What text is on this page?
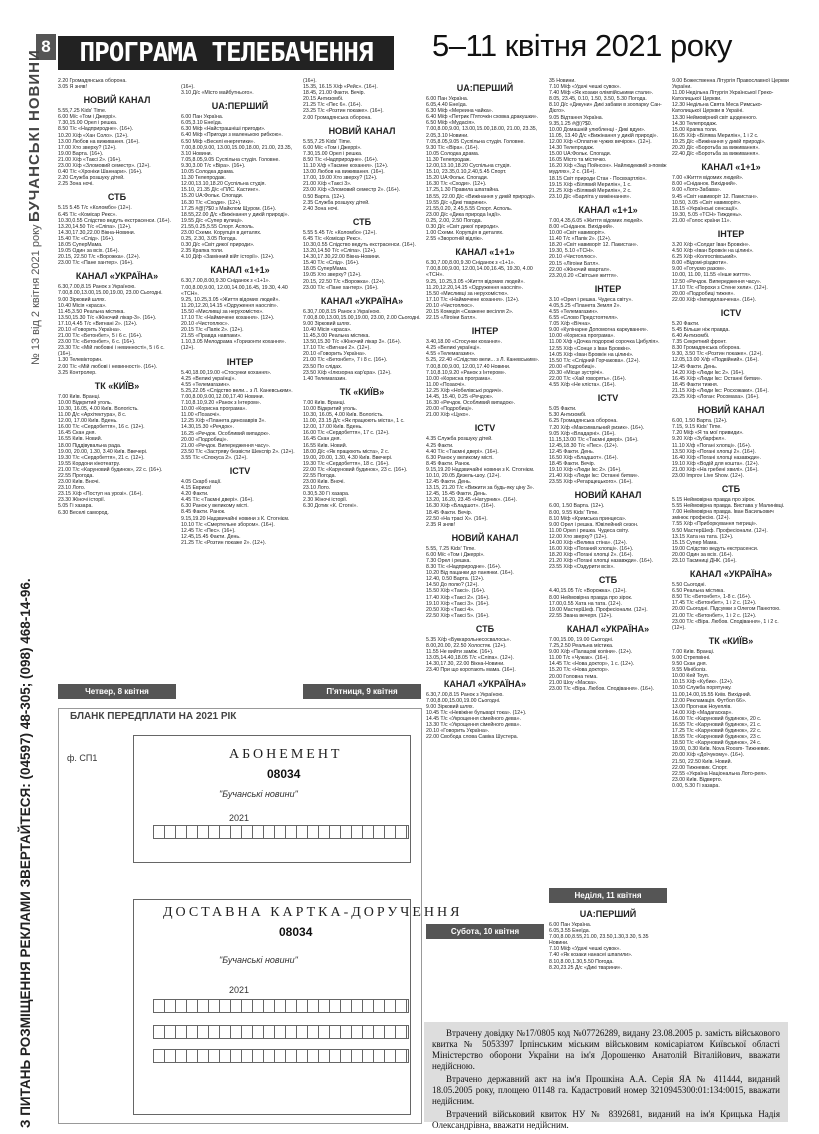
8
БУЧАНСЬКІ НОВИНИ
№ 13 від 2 квітня 2021 року
З ПИТАНЬ РОЗМІЩЕННЯ РЕКЛАМИ ЗВЕРТАЙТЕСЯ: (04597) 48-305; (098) 468-14-96.
ПРОГРАМА ТЕЛЕБАЧЕННЯ	5–11 квітня 2021 року
2.20 Громадянська оборона.
3.05 Я зняв!
НОВИЙ КАНАЛ
5.55,7.25 Kids' Time.
6.00 М/с «Том і Джеррі».
7.30,15.00 Орел і решка.
8.50 Т/с «Надприродне». (16+).
10.20 Х/ф «Хан Соло». (12+).
13.00 Любов на виживання. (16+).
17.00 Хто зверху? (12+).
19.00 Варта. (16+).
21.00 Х/ф «Таксі 2». (16+).
23.00 Х/ф «Зломовий семестр». (12+).
0.40 Т/с «Хроніки Шаннари». (16+).
2.20 Служба розшуку дітей.
2.25 Зона ночі.
СТБ
5.15 5.45 Т/с «Коломбо» (12+).
6.45 Т/с «Комісар Рекс».
10.30,0.55 Слідство ведуть екстрасенси. (16+).
13.20,14.50 Т/с «Сліпа». (12+).
14.30,17.30,22.00 Вікна-Новини.
15.40 Т/с «Слід». (16+).
18.05 СуперМама.
19.05 Один за всіх. (16+).
20.15, 22.50 Т/с «Ворожка». (12+).
23.00 Т/с «Пане хантер». (16+).
КАНАЛ «УКРАЇНА»
6.30,7.00,8.15 Ранок з Україною.
7.00,8.00,13.00,15.00,19.00, 23.00 Сьогодні.
9.00 Зірковий шлях.
10.40 Місія «краса».
11.45,3.50 Реальна містика.
13.50,15.30 Т/с «Жіночий лікар-3». (16+).
17.10,4.45 Т/с «Вигнані 2». (12+).
20.10 «Говорить Україна».
21.00 Т/с «Бетонбет», 5 і 6 с. (16+).
23.00 Т/с «Бетонбет», 6 с. (16+).
23.30 Т/с «Мій любовні і невинності», 5 і 6 с. (16+).
1.30 Телевікторин.
2.00 Т/с «Мій любові і невинності». (16+).
3.25 Контролер.
ТК «КИЇВ»
7.00 Київ. Вранці.
10.00 Відкритий уголь.
10.30, 16.05, 4.00 Київ. Вологість.
11.00 Д/с «Архітектура», 8 с.
12.00, 17.00 Київ. Вдень.
16.00 Т/с «Сердобеття», 16 с. (12+).
16.45 Скан дня.
16.55 Київ. Новий.
18.00 Піддівувальна рада.
19.00, 20.00, 1.30, 3.40 Київ. Ввечері.
19.30 Т/с «Сердобеття», 21 с. (12+).
19.55 Кордони кінотеатру.
21.00 Т/с «Каруновий будинок», 22 с. (16+).
22.55 Прогода.
23.00 Київ. Вночі.
23.10 Лото.
23.15 Х/ф «Поступ на урозі». (16+).
23.30 Жіночі історії.
5.05 Гі хазара.
6.30 Веселі самород.
(16+).
3.10 Д/с «Місто майбутнього».
UA:ПЕРШИЙ
6.00 Пан Україна.
6.05,3.10 Енеїда.
6.30 М/ф «Найстрашніші пригоди».
6.40 М/ф «Пригоди з маленькою рибкою».
6.50 М/ф «Веселі енергетики».
7.00,8.00,9.00, 13.00,15.00,18.00, 21.00, 23.35, 3.10 Новини.
7.05,8.05,9.05 Суспільна студія. Головне.
9.30,3.00 Т/с «Віра». (16+).
10.05 Солодка драма.
11.30 Телепродаж.
12.00,13.10,18.20 Суспільна студія.
15.10, 21.35 Д/с «ПЛС. Кастинг».
15.20 UA:Фольк. Спогади.
16.30 Т/с «Сходи». (12+).
17.25 #@)?$0 з Майклом Щуром. (16+).
18.55,22.00 Д/с «Вижінання у дикій природі».
19.55 Д/с «Супер вулиці».
21.55,0.25,5.55 Спорт. Асполь.
23.00 Схеми. Корупція в деталях.
0.25, 2.30, 3.05 Погода.
0.30 Д/с «Світ дикої природи».
2.35 Крапка толи.
4.10 Д/ф «Замінний війт історії». (12+).
КАНАЛ «1+1»
6.30,7.00,8.00,9.30 Сніданок з «1+1».
7.00,8.00,9.00, 12.00,14.00,16.45, 19.30, 4.40 «ТСН».
9.25, 10.25,3.05 «Життя відомих людей».
11.20,12.20,14.15 «Одруження наосліп».
15.50 «Мисливці за нерухомістю».
17.10 Т/с «Наймичене кохання». (12+).
20.10 «Чистоплюс».
20.15 Т/с «Папік 2». (12+).
21.55 «Правда навпаки».
1.10,3.05 Мелодрама «Горизонти кохання». (12+).
ІНТЕР
5.40,18.00,19.00 «Стосунки кохання».
4.25 «Великі українці».
4.55 «Телемагазин».
5.25,22.05 «Слідство вели... з Л. Каневським».
7.00,8.00,9.00,12.00,17.40 Новини.
7.10,8.10,9.20 «Ранок з Інтером».
10.00 «Корисна програма».
11.00 «Позаочі».
12.25 Х/ф «Планета динозаврів 3».
14.30,15.30 «Речдок».
16.25 «Речдок. Особливий випадок».
20.00 «Подробиці».
21.00 «Речдок. Випередження часу».
23.50 Т/с «Застряву безвісти Шекспір 2». (12+).
3.55 Т/с «Спокуса 2». (12+).
ICTV
4.05 Скарб нації.
4.15 Еврика!
4.20 Факти.
4.45 Т/с «Таємні двері». (16+).
6.30 Ранок у великому місті.
8.45 Факти. Ранок.
9.15,19.20 Надзвичайні новини з К. Стогнієм.
10.10 Т/с «Смертельне збором». (16+).
12.45 Т/с «Пес». (16+).
12.45,15.45 Факти. День.
21.25 Т/с «Розтин покаже 2». (12+).
(16+).
15.35, 16.15 Х/ф «Рейс». (16+).
18.45, 21.00 Факти. Вечір.
20.15 Антизомбі.
21.25 Т/с «Пес 6». (16+).
23.25 Т/с «Розтин покаже». (16+).
2.00 Громадянська оборона.
НОВИЙ КАНАЛ
5.55,7.25 Kids' Time.
6.00 М/с «Том і Джеррі».
7.30,15.00 Орел і решка.
8.50 Т/с «Надприродне». (16+).
11.10 Х/ф «Таємне кохання». (12+).
13.00 Любов на виживання. (16+).
17.00, 19.00 Хто зверху? (12+).
21.00 Х/ф «Таксі 3».
23.00 Х/ф «Зломовий семестр 2». (16+).
0.50 Варта. (12+).
2.35 Служба розшуку дітей.
2.40 Зона ночі.
СТБ
5.55 5.45 Т/с «Коломбо» (12+).
6.45 Т/с «Комісар Рекс».
10.30,0.55 Слідство ведуть екстрасенси. (16+).
13.20,14.50 Т/с «Сліпа». (12+).
14.30,17.30,22.00 Вікна-Новини.
15.40 Т/с «Слід». (16+).
18.05 СуперМама.
19.05 Хто зверху? (12+).
20.15, 22.50 Т/с «Ворожка». (12+).
23.00 Т/с «Пане хантер». (16+).
КАНАЛ «УКРАЇНА»
6.30,7.00,8.15 Ранок з Україною.
7.00,8.00,13.00,15.00,19.00, 23.00, 2.00 Сьогодні.
9.00 Зірковий шлях.
10.40 Місія «краса».
11.45,3.00 Реальна містика.
13.50,15.30 Т/с «Жіночий лікар 3». (16+).
17.10 Т/с «Вигнані 2». (12+).
20.10 «Говорить Україна».
21.00 Т/с «Бетонбет», 7 і 8 с. (16+).
23.50 По слідах.
23.50 Х/ф «Ілюзорна кар'єра». (12+).
1.40 Телемагазин.
ТК «КИЇВ»
7.00 Київ. Вранці.
10.00 Відкритий уголь.
10.30, 16.05, 4.00 Київ. Вологість.
11.00, 23.15 Д/с «Як працюють міста», 1 с.
12.00, 17.00 Київ. Вдень.
16.00 Т/с «Сердобеття», 17 с. (12+).
16.45 Скан дня.
16.55 Київ. Новий.
18.00 Д/с «Як працюють міста», 2 с.
19.00, 20.00, 1.30, 4.30 Київ. Ввечері.
19.30 Т/с «Сердобеття», 18 с. (16+).
22.00 Т/с «Каруновий будинок», 23 с. (16+).
22.55 Погода.
23.00 Київ. Вночі.
23.10 Лото.
0.30,5.30 Гі хазара.
2.30 Жіночі історії.
6.30 Дотик «К. Стогні».
UA:ПЕРШИЙ
6.00 Пан Україна.
6.05,4.40 Енеїда.
6.30 М/ф «Мереина чайка».
6.40 М/ф «Петрик П'яточкін сховка дракушки».
6.50 М/ф «Мудасія».
7.00,8.00,9.00, 13.00,15.00,18.00, 21.00, 23.35, 2.05,3.10 Новини.
7.05,8.05,9.05 Суспільна студія. Головне.
9.30 Т/с «Віра». (16+).
10.05 Солодка драма.
11.30 Телепродаж.
12.00,13.10,18.20 Суспільна студія.
15.10, 23.35,0.10,2.40,5.45 Спорт.
15.20 UA:Фольк. Спогади.
16.30 Т/с «Сходи». (12+).
17.25,1.30 Правила шпатайна.
18.55, 22.00 Д/с «Вижінання у дикій природі».
19.55 Д/с «Дикі тварини».
21.55,0.20, 2.45,5.55 Спорт. Асполь.
23.00 Д/с «Дика природа Індії».
0.25, 2.00, 2.50 Погода.
0.30 Д/с «Світ дикої природи».
1.00 Схеми. Корупція в деталях.
2.55 «Зворотній відлік».
КАНАЛ «1+1»
6.30,7.00,8.00,9.30 Сніданок з «1+1».
7.00,8.00,9.00, 12.00,14.00,16.45, 19.30, 4.00 «ТСН».
9.25, 10.25,3.05 «Життя відомих людей».
11.20,12.20,14.15 «Одруження наосліп».
15.50 «Мисливці за нерухомістю».
17.10 Т/с «Наймичене кохання». (12+).
20.10 «Чистоплюс».
20.15 Комедія «Скажене весілля 2».
22.15 «Лігоіни Батл».
ІНТЕР
3.40,18.00 «Стосунки кохання».
4.25 «Великі українці».
4.55 «Телемагазин».
5.25, 22.40 «Слідство вели... з Л. Каневським».
7.00,8.00,9.00, 12.00,17.40 Новини.
7.10,8.10,9.20 «Ранок з Інтером».
10.00 «Корисна програма».
11.00 «Позаочі».
12.25 Х/ф «Нобелівські родичі».
14.45, 15.40, 0.25 «Речдок».
16.30 «Речдок. Особливий випадок».
20.00 «Подробиці».
21.00 Х/ф «Цуко».
ICTV
4.35 Служба розшуку дітей.
4.25 Факти.
4.40 Т/с «Таємні двері». (16+).
6.30 Ранок у великому місті.
8.45 Факти. Ранок.
9.15,19.20 Надзвичайні новини з К. Стогнієм.
10.10, 20.05 Дизель-шоу. (12+).
12.45 Факти. День.
13.15, 21.20 Т/с «Вижити за будь-яку ціну 3».
12.45, 15.45 Факти. День.
13.20, 16.20, 23.45 «Натурник». (16+).
16.30 Х/ф «Бладшот». (16+).
18.45 Факти. Вечір.
22.50 «На трасі Х». (16+).
2.35 Я зняв!
НОВИЙ КАНАЛ
5.55, 7.25 Kids' Time.
6.00 М/с «Том і Джеррі».
7.30 Орел і решка.
8.30 Т/с «Надприродне». (16+).
10.20 Від пацанки до панянки. (16+).
12.40, 0.50 Варта. (12+).
14.50 До полю? (12+).
15.50 Х/ф «Таксі». (16+).
17.40 Х/ф «Таксі 2». (16+).
19.10 Х/ф «Таксі 3». (16+).
20.50 Х/ф «Таксі 4».
22.50 Х/ф «Таксі 5». (16+).
СТБ
5.35 Х/ф «Буккарольнесосвалось».
8.00,20.00, 22.50 Холостяк. (12+).
11.55 Не вийти заміж. (16+).
13.05,14.40,18.05 Т/с «Сліпа». (12+).
14.30,17.30, 22.00 Вікна-Новини.
23.40 При що коротають мама. (16+).
КАНАЛ «УКРАЇНА»
6.30,7.00,8.15 Ранок з Україною.
7.00,8.00,15.00,19.00 Сьогодні.
9.00 Зірковий шлях.
10.45 Т/с «Невіжіне бульварі тока». (12+).
14.45 Т/с «Укрощення сімейного дева».
13.30 Т/с «Укрощення сімейного дева».
20.10 «Говорить Україна».
22.00 Свобода слова Савіка Шустера.
35 Новини.
7.10 М/ф «Удачі чешкі сувок».
7.40 М/ф «Як козаки олімпійськими стали».
8.05, 23.45, 0.10, 1.50, 3.50, 5.30 Погода.
8.10 Д/с «Дикуни» Дикі забави в зоопарку Сан-Дієго».
9.05 Відтання Україна.
9.35,1.25 #@)?$0.
10.00 Домашній улюбленці - Дикі вдуи».
11.05, 13.40 Д/с «Вижінання у дикій природі».
12.00 Х/ф «Оплатне чужих вечірок». (12+).
14.30 Телепродаж.
15.00 UA:Фольк. Спогади.
16.05 Місто та містечко.
16.20 Х/ф «Зад Пойнсон». Найлюдеквий з-поміж мудлях», 2 с. (16+).
18.15 Світ природи Стан - Посвхартліо».
19.15 Х/ф «Білявий Мерилін», 1 с.
21.25 Х/ф «Білявий Мерилін», 2 с.
23.10 Д/с «Барліта у вижіннання».
КАНАЛ «1+1»
7.00,4.35,6.05 «Життя відомих людей».
8.00 «Сніданок. Вихідний».
10.00 «Світ навиворіт».
11.40 Т/с «Папік 2». (12+).
18.20 «Світ навиворіт 12. Пакистан».
19.30, 5.10 «ТСН».
20.10 «Чистоплюс».
20.15 «Лігоіни Батл».
22.00 «Жіночий квартал».
23.20,0.20 «Світське життя».
ІНТЕР
3.10 «Орел і решка. Чудеса світу».
4.05,5.25 «Планета Земля 2».
4.55 «Телемагазин».
6.55 «Слово Предстоятеля».
7.05 Х/ф «Вічна».
9.00 «Кулінарне Допомогна каркування».
10.00 «Корисна програма».
11.00 Х/ф «Дочка подорожі сорочка Цибулія».
12.55 Х/ф «Сонце з Іван Бровкін».
14.05 Х/ф «Іван Бровкін на цілині».
15.50 Т/с «Слідний Горчакова». (12+).
20.00 «Подробиці».
20.30 «Місце зустрічі».
22.00 Т/с «Хай говорять». (16+).
4.55 Х/ф «Не кліста». (16+).
ICTV
5.05 Факти.
5.30 Антизомбі.
6.25 Громадянська оборона.
7.20 Х/ф «Максимальний ризик». (16+).
9.05 Х/ф «Владарні». (16+).
11.15,13.00 Т/с «Таємні двері». (16+).
12.45,18.30 Т/с «Пес». (12+).
12.45 Факти. День.
16.50 Х/ф «Бладшот». (16+).
18.45 Факти. Вечір.
19.10 Х/ф «Люди Ікс 2». (16+).
21.40 Х/ф «Люди Ікс: Останні битви».
23.55 Х/ф «Регарщецького». (16+).
НОВИЙ КАНАЛ
6.00, 1.50 Варта. (12+).
8.00, 9.55 Kids' Time.
8.10 М/ф «Кримська принцеса».
9.00 Орел і решка. Ювілейний сезон.
11.00 Орел і решка. Чудеса світу.
12.00 Хто зверху? (12+).
14.00 Х/ф «Велика стіна». (12+).
16.00 Х/ф «Поганий хлопці». (16+).
18.20 Х/ф «Погані хлопці 2». (16+).
21.20 Х/ф «Погані хлопці назавжди». (16+).
23.55 Х/ф «Оздурити всіх».
СТБ
4.40,15.05 Т/с «Ворожка». (12+).
8.00 Неймовірна правда про зірок.
17.00,0.55 Хата на тата. (12+).
19.00 МастерШеф. Професіонали. (12+).
22.55 Звана вечеря. (12+).
КАНАЛ «УКРАЇНА»
7.00,15.00, 19.00 Сьогодні.
7.25,2.50 Реальна містика.
9.00 Х/ф «Палацові коліни». (12+).
11.00 Т/с «Чужак». (16+).
14.45 Т/с «Нова доктор», 1 с. (12+).
15.20 Т/с «Нова доктор».
20.00 Головна тема.
21.00 Шоу «Маска».
23.00 Т/с «Віра. Любов. Сподівання». (16+).
9.00 Божественна Літургія Православної Церкви України.
11.00 Недільна Літургія Української Греко-Католицької Церкви.
12.30 Недільна Свята Меса Римсько-Католицької Церкви в Україні.
13.30 Неймовірний світ щоденного.
14.30 Телепродаж.
15.00 Крапка толи.
16.05 Х/ф «Білява Мерилін», 1 і 2 с.
19.25 Д/с «Вижінання у дикій природі».
20.20 Д/с «Боротьба за виживання».
22.40 Д/с «Боротьба за виживання».
КАНАЛ «1+1»
7.00 «Життя відомих людей».
8.00 «Сніданок. Вихідний».
9.00 «Лото-Забава».
9.45 «Світ навиворіт 12. Пакистан».
10.50, 3.05 «Світ навиворіт».
18.15 «Українські сенсації».
19.30, 5.05 «ТСН» Тиждень».
21.00 «Голос країни 11».
ІНТЕР
3.20 Х/ф «Солдат Іван Бровкін».
4.50 Х/ф «Іван Бровкін на цілині».
6.25 Х/ф «Колгоспівський».
8.00 «Відомі-різдвоти».
9.00 «Готуємо разом».
10.00, 11.00, 11.55 «Інше життя».
12.50 «Речдок. Випередження часу».
17.10 Т/с «Порохи з Стене хели». (12+).
20.00 «Подробиці тижня».
22.00 Х/ф «Імпедиланчена». (16+).
ICTV
5.20 Факти.
5.45 Більше ніж правда.
6.40 Антизомбі.
7.35 Секретний фронт.
8.30 Громадянська оборона.
9.30, 3.50 Т/с «Розтин покаже». (12+).
12.05,13.00 Х/ф «Подвійний». (16+).
12.45 Факти. День.
14.20 Х/ф «Люди Ікс 2». (16+).
16.45 Х/ф «Люди Ікс: Останні битви».
18.45 Факти тижня.
21.15 Х/ф «Люди Ікс: Росхожаки». (16+).
23.25 Х/ф «Логан: Росомаха». (16+).
НОВИЙ КАНАЛ
6.00, 1.50 Варта. (12+).
7.15, 9.15 Kids' Time.
7.20 М/ф «Я та мої привиди».
9.20 Х/ф «Зубарфел».
11.10 Х/ф «Погані хлопці». (16+).
13.50 Х/ф «Погані хлопці 2». (16+).
16.40 Х/ф «Погані хлопці назавжди».
19.10 Х/ф «Водій для кошта». (12+).
21.00 Х/ф «На гребені хвилі». (16+).
23.00 Improv Live Show. (12+).
СТБ
5.15 Неймовірна правда про зірок.
5.55 Неймовірна правда. Вистава у Малинівці.
7.00 Неймовірна правда. Іван Васильович змінює професію. (12+).
7.55 Х/ф «Приборкування тигриці».
9.50 МастерШеф. Професіонали. (12+).
13.15 Хата на тата. (12+).
15.15 Супер Мама.
19.00 Слідство ведуть екстрасенси.
20.00 Один за всіх. (16+).
23.10 Таємниці ДНК. (16+).
КАНАЛ «УКРАЇНА»
5.50 Сьогодні.
6.50 Реальна містика.
8.50 Т/с «Бетонбет», 1-8 с. (16+).
17.45 Т/с «Бетонбет», 1 і 2 с. (12+).
20.00 Сьогодні. Підсумки з Олегом Панютою.
21.00 Т/с «Бетонбет», 1 і 2 с. (12+).
23.00 Т/с «Віра. Любов. Сподівання», 1 і 2 с. (12+).
ТК «КИЇВ»
7.00 Київ. Вранці.
9.00 Стрепвінні.
9.50 Скан дня.
9.55 Мініболіз.
10.00 Кей Тоуп.
10.15 Х/ф «Кубик». (12+).
10.50 Служба порятунку.
11.00,14.00,15.55 Київ. Вихідний.
12.00 Рекламація. Футбол 66».
13.00 Прогнаж Ноуеплів.
14.00 Х/ф «Мадагаскар».
16.00 Т/с «Каруновий будинок», 20 с.
16.55 Т/с «Каруновий будинок», 21 с.
17.25 Т/с «Каруновий будинок», 22 с.
18.55 Т/с «Каруновий будинок», 23 с.
18.50 Т/с «Каруновий будинок», 24 с.
19.00, 0.30 Київ. Nova Roosm- Тижневик.
20.00 Х/ф «Доїчукому». (16+).
21.50, 22.50 Київ. Новий.
22.00 Тижневик. Спорт.
22.55 «Україна Національна Лото-рея».
23.00 Київ. Відверто.
0.00, 5.30 Гі хазара.
UA:ПЕРШИЙ
6.00 Пан Україна.
6.05,3.55 Енеїда.
7.00,8.00,8.55,21.00, 23.50,1.30,3.30, 5.35 Новини.
7.10 М/ф «Удачі чешкі сувок».
7.40 «Як козаки нанасеі шпагили».
8.10,8.00,1.30,5.50 Погода.
8.20,23.25 Д/с «Дикі тварини».
Четвер, 8 квітня	П'ятниця, 9 квітня
Субота, 10 квітня
Неділя, 11 квітня
ф. СП1	АБОНЕМЕНТ
08034
"Бучанські новини"
2021
ДОСТАВНА КАРТКА-ДОРУЧЕННЯ
08034
"Бучанські новини"
2021
БЛАНК ПЕРЕДПЛАТИ НА 2021 РІК

Втрачену довідку №17/0805 код №07726289, видану 23.08.2005 р. замість військового квитка № 5053397 Ірпінським міським військовим комісаріатом Київської області Міністерство оборони України на ім'я Дорошенко Анатолій Віталійович, вважати недійсною.

Втрачено державний акт на ім'я Прошкіна А.А. Серія ЯА № 411444, виданий 18.05.2005 року, площею 01148 га. Кадастровий номер 3210945300:01:134:0015, вважати недійсним.

Втрачений військовий квиток НУ № 8392681, виданий на ім'я Крицька Надія Олександрівна, вважати недійсним.
